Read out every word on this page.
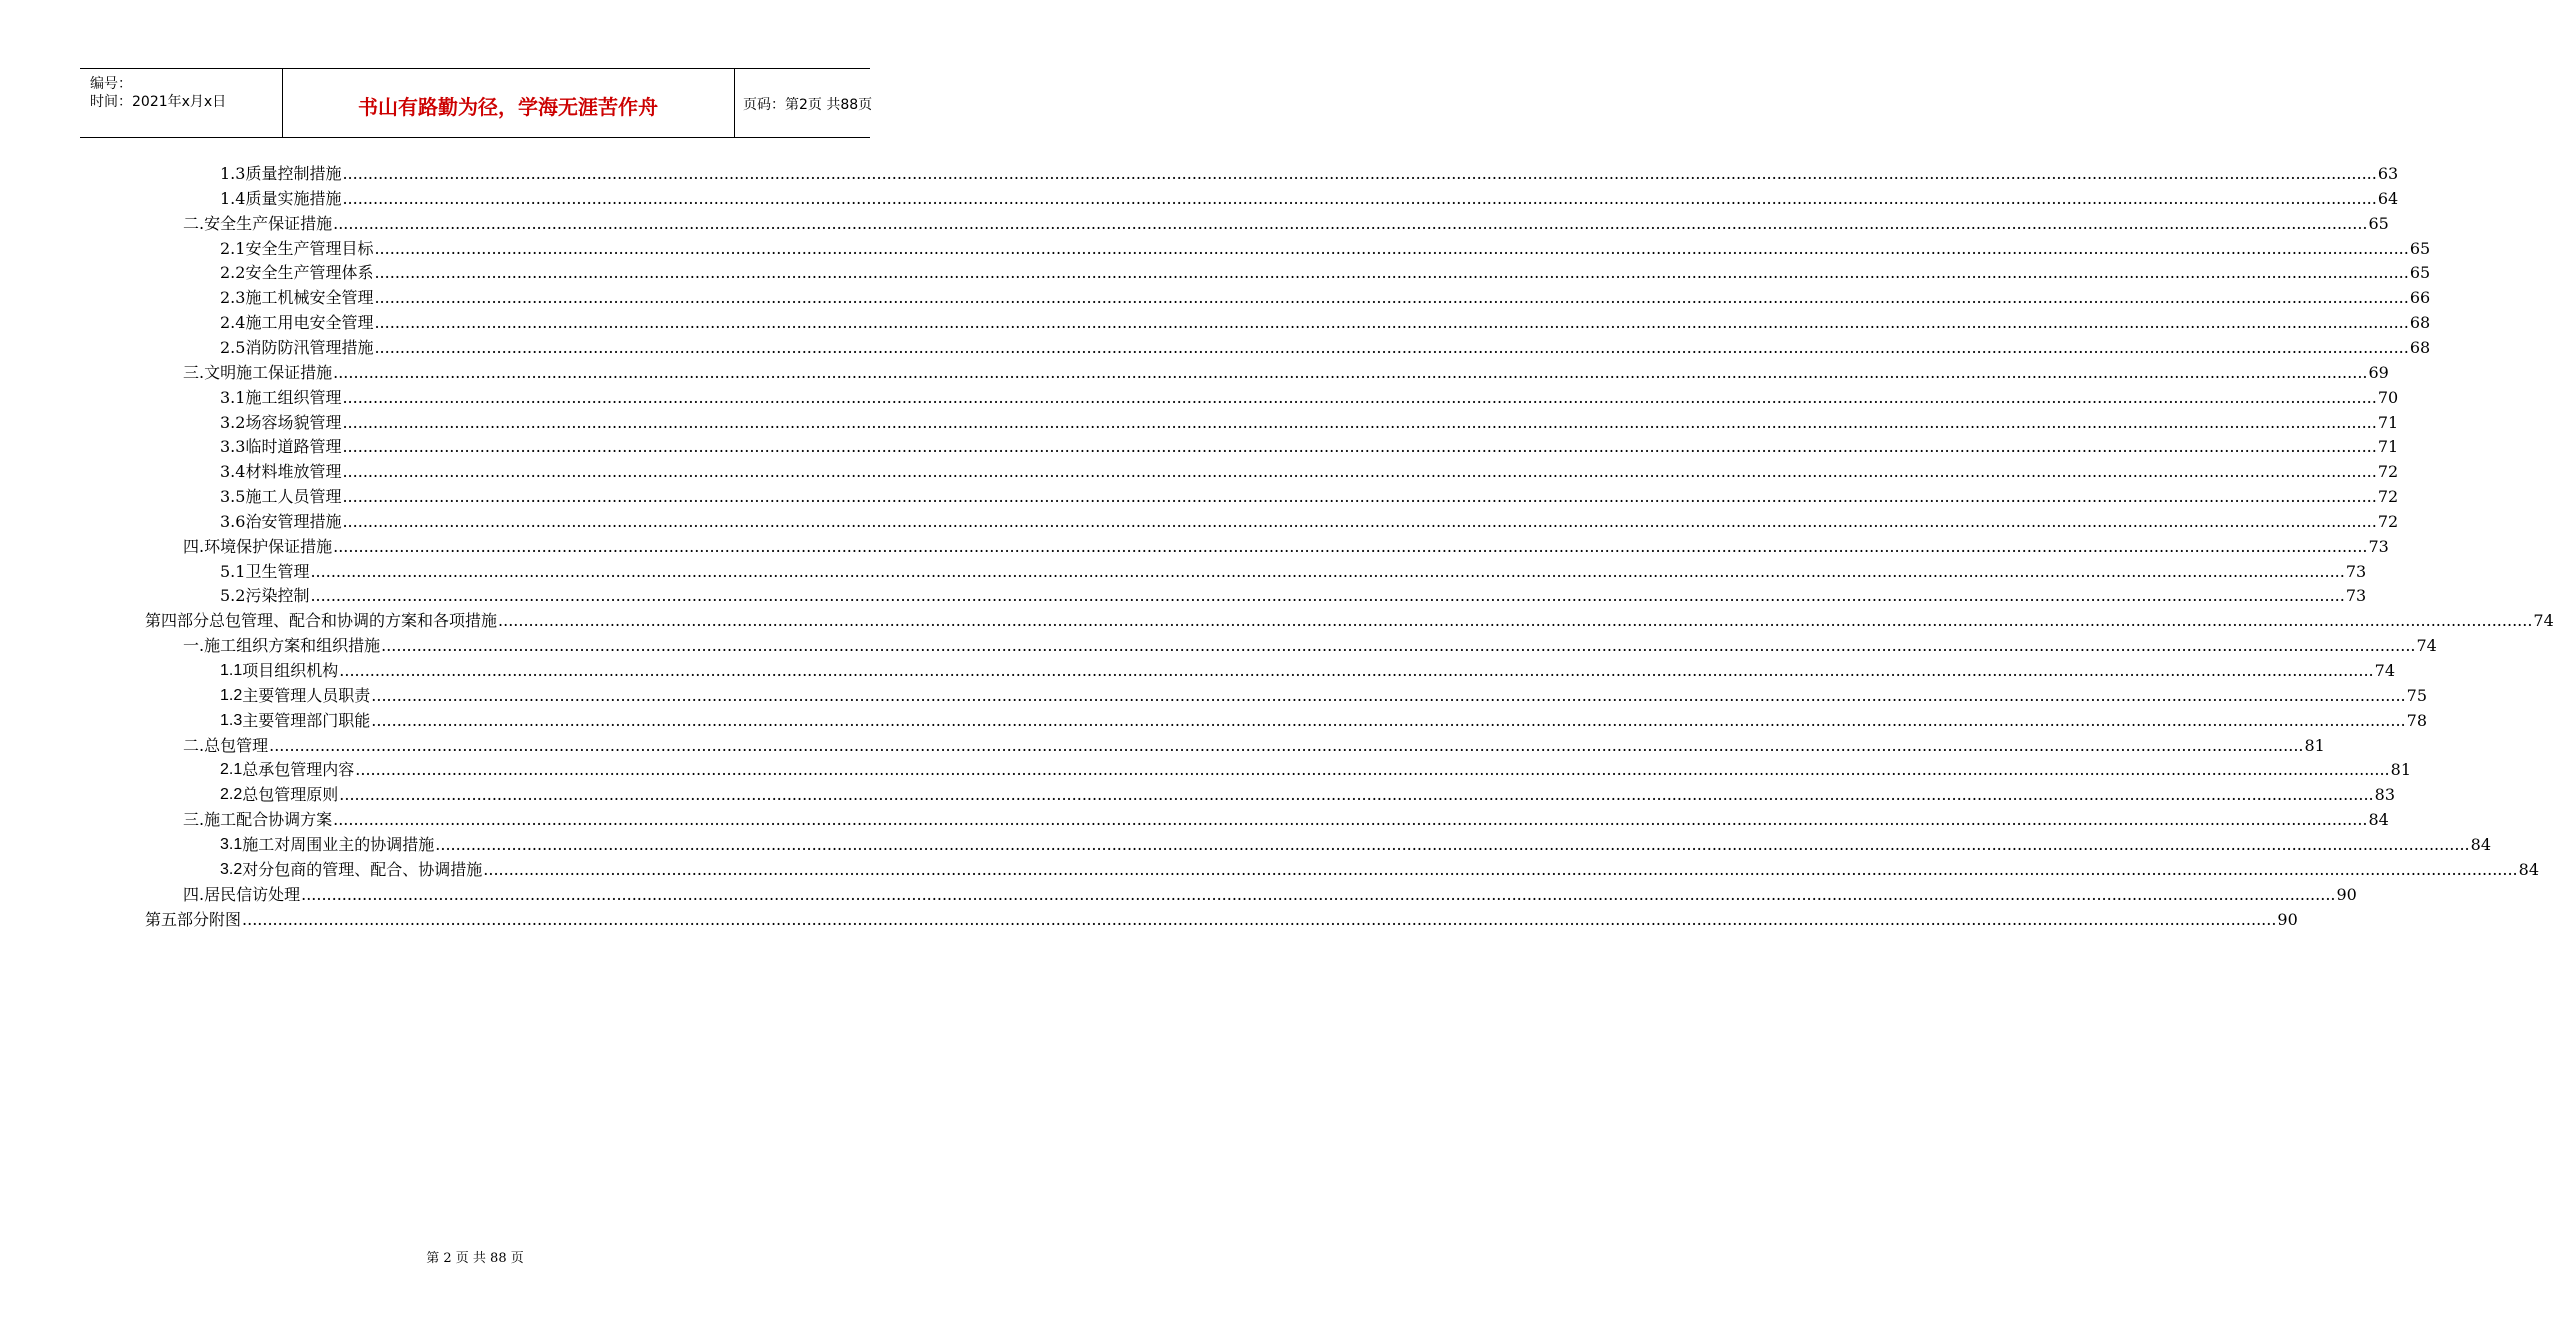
编号：
时间：2021年x月x日	书山有路勤为径，学海无涯苦作舟	页码：第2页 共88页
1.3 质量控制措施 ................................................................................................................................................................................................................................................................................................................................................................................................................ 63
1.4 质量实施措施 ................................................................................................................................................................................................................................................................................................................................................................................................................ 64
二. 安全生产保证措施 ................................................................................................................................................................................................................................................................................................................................................................................................................ 65
2.1 安全生产管理目标 ................................................................................................................................................................................................................................................................................................................................................................................................................ 65
2.2 安全生产管理体系 ................................................................................................................................................................................................................................................................................................................................................................................................................ 65
2.3 施工机械安全管理 ................................................................................................................................................................................................................................................................................................................................................................................................................ 66
2.4 施工用电安全管理 ................................................................................................................................................................................................................................................................................................................................................................................................................ 68
2.5 消防防汛管理措施 ................................................................................................................................................................................................................................................................................................................................................................................................................ 68
三. 文明施工保证措施 ................................................................................................................................................................................................................................................................................................................................................................................................................ 69
3.1 施工组织管理 ................................................................................................................................................................................................................................................................................................................................................................................................................ 70
3.2 场容场貌管理 ................................................................................................................................................................................................................................................................................................................................................................................................................ 71
3.3 临时道路管理 ................................................................................................................................................................................................................................................................................................................................................................................................................ 71
3.4 材料堆放管理 ................................................................................................................................................................................................................................................................................................................................................................................................................ 72
3.5 施工人员管理 ................................................................................................................................................................................................................................................................................................................................................................................................................ 72
3.6 治安管理措施 ................................................................................................................................................................................................................................................................................................................................................................................................................ 72
四. 环境保护保证措施 ................................................................................................................................................................................................................................................................................................................................................................................................................ 73
5.1 卫生管理 ................................................................................................................................................................................................................................................................................................................................................................................................................ 73
5.2 污染控制 ................................................................................................................................................................................................................................................................................................................................................................................................................ 73
第四部分 总包管理、配合和协调的方案和各项措施 ................................................................................................................................................................................................................................................................................................................................................................................................................ 74
一. 施工组织方案和组织措施 ................................................................................................................................................................................................................................................................................................................................................................................................................ 74
1.1 项目组织机构 ................................................................................................................................................................................................................................................................................................................................................................................................................ 74
1.2 主要管理人员职责 ................................................................................................................................................................................................................................................................................................................................................................................................................ 75
1.3 主要管理部门职能 ................................................................................................................................................................................................................................................................................................................................................................................................................ 78
二. 总包管理 ................................................................................................................................................................................................................................................................................................................................................................................................................ 81
2.1 总承包管理内容 ................................................................................................................................................................................................................................................................................................................................................................................................................ 81
2.2 总包管理原则 ................................................................................................................................................................................................................................................................................................................................................................................................................ 83
三. 施工配合协调方案 ................................................................................................................................................................................................................................................................................................................................................................................................................ 84
3.1 施工对周围业主的协调措施 ................................................................................................................................................................................................................................................................................................................................................................................................................ 84
3.2 对分包商的管理、配合、协调措施 ................................................................................................................................................................................................................................................................................................................................................................................................................ 84
四. 居民信访处理 ................................................................................................................................................................................................................................................................................................................................................................................................................ 90
第五部分 附图 ................................................................................................................................................................................................................................................................................................................................................................................................................ 90
第 2 页 共 88 页
